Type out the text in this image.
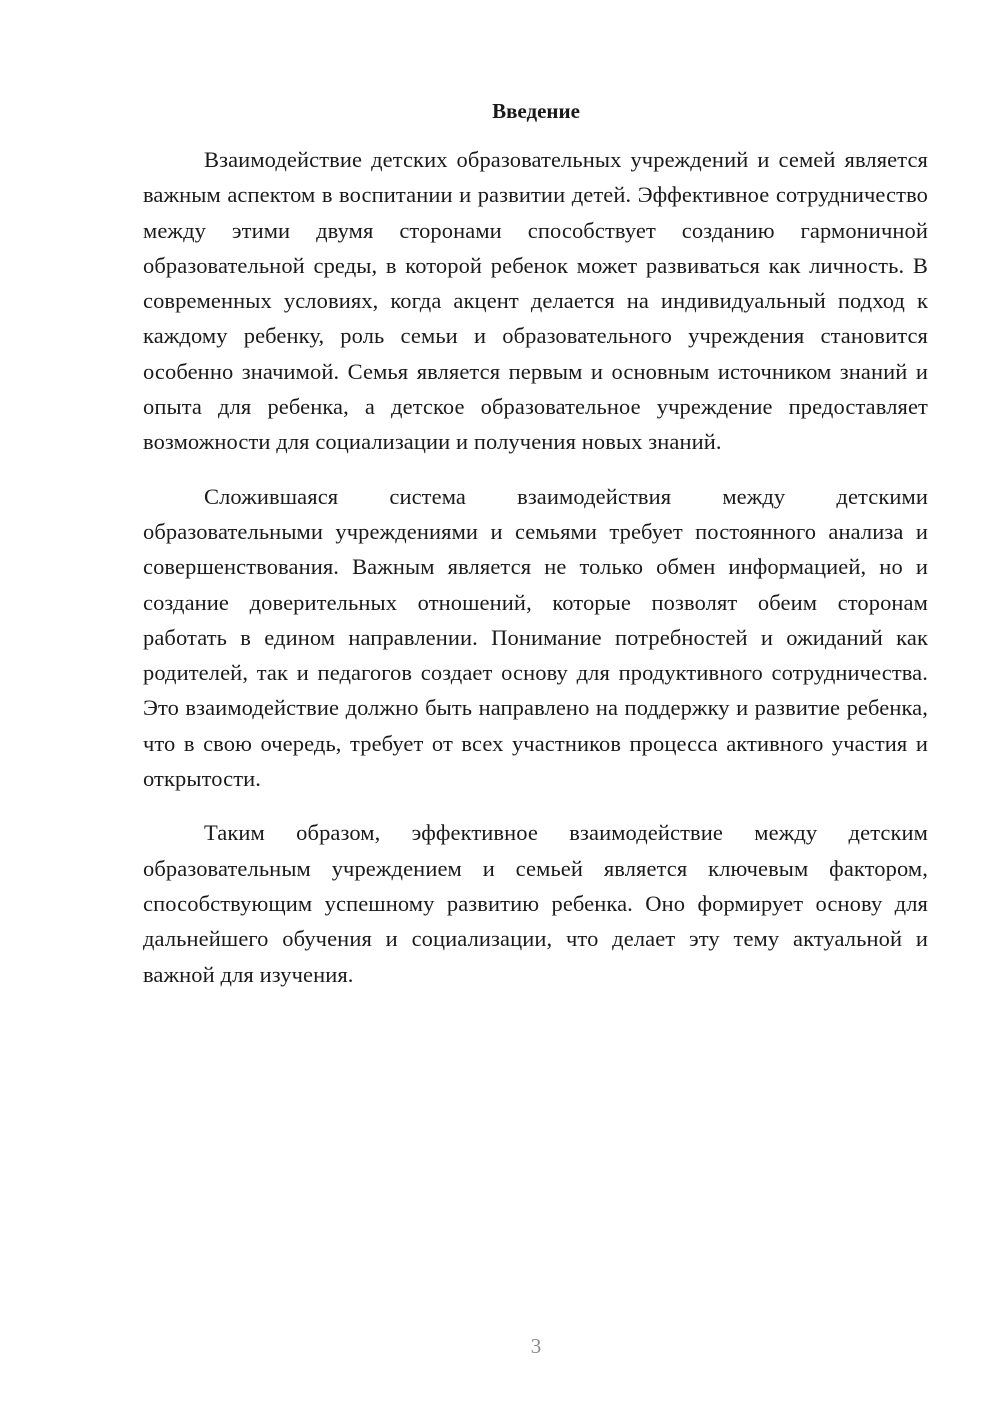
Введение

Взаимодействие детских образовательных учреждений и семей является важным аспектом в воспитании и развитии детей. Эффективное сотрудничество между этими двумя сторонами способствует созданию гармоничной образовательной среды, в которой ребенок может развиваться как личность. В современных условиях, когда акцент делается на индивидуальный подход к каждому ребенку, роль семьи и образовательного учреждения становится особенно значимой. Семья является первым и основным источником знаний и опыта для ребенка, а детское образовательное учреждение предоставляет возможности для социализации и получения новых знаний.

Сложившаяся система взаимодействия между детскими образовательными учреждениями и семьями требует постоянного анализа и совершенствования. Важным является не только обмен информацией, но и создание доверительных отношений, которые позволят обеим сторонам работать в едином направлении. Понимание потребностей и ожиданий как родителей, так и педагогов создает основу для продуктивного сотрудничества. Это взаимодействие должно быть направлено на поддержку и развитие ребенка, что в свою очередь, требует от всех участников процесса активного участия и открытости.

Таким образом, эффективное взаимодействие между детским образовательным учреждением и семьей является ключевым фактором, способствующим успешному развитию ребенка. Оно формирует основу для дальнейшего обучения и социализации, что делает эту тему актуальной и важной для изучения.

3
